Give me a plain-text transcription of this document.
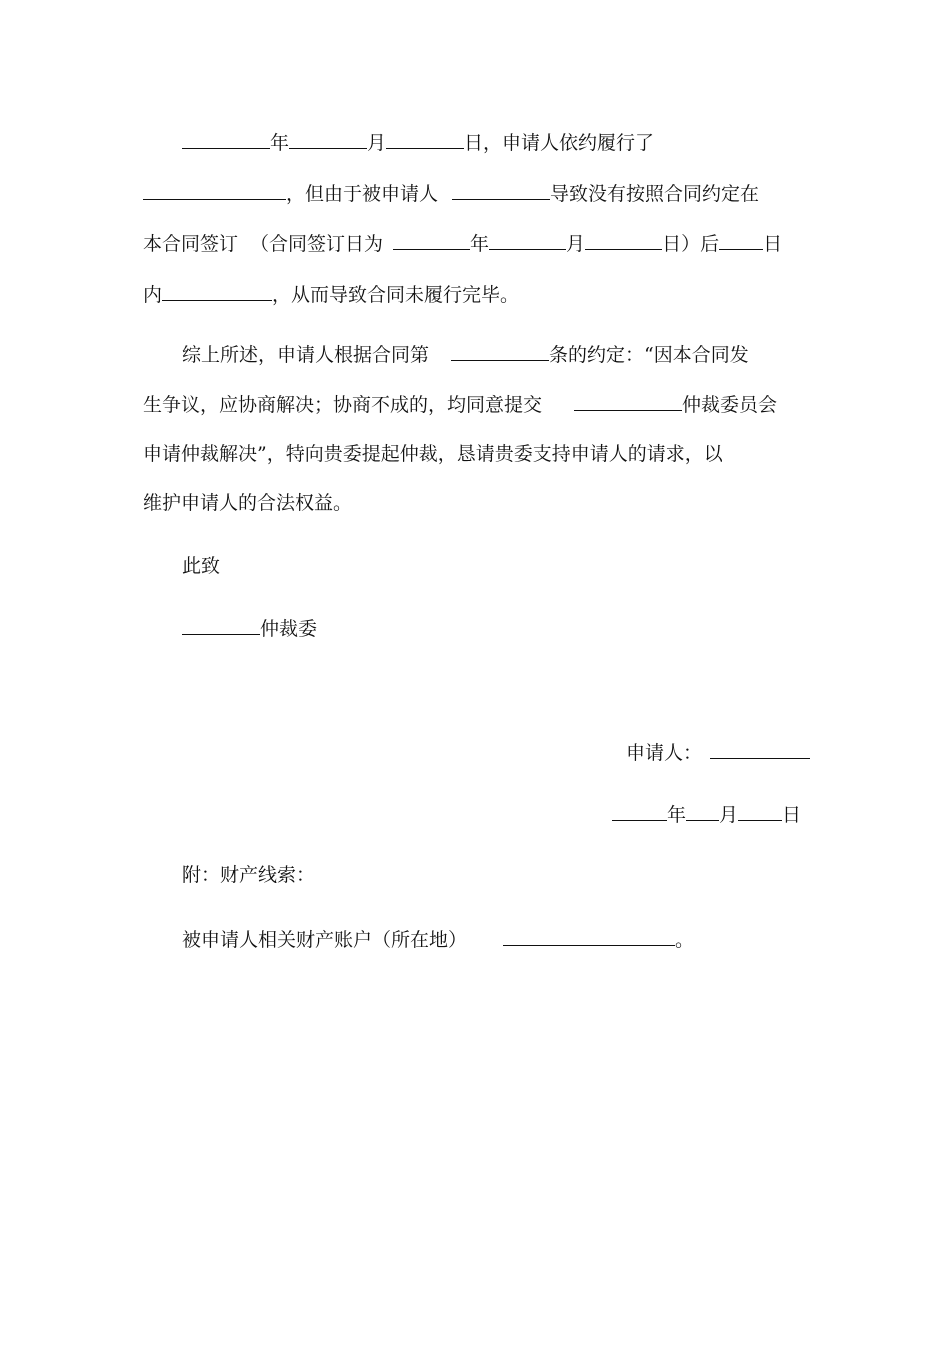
年	月	日，申请人依约履行了
，但由于被申请人	导致没有按照合同约定在
本合同签订 （合同签订日为	年	月	日）后 日
内	，从而导致合同未履行完毕。
综上所述，申请人根据合同第	条的约定：“因本合同发
生争议，应协商解决；协商不成的，均同意提交	仲裁委员会
申请仲裁解决”，特向贵委提起仲裁，恳请贵委支持申请人的请求，以
维护申请人的合法权益。
此致
仲裁委
申请人：
年 月 日
附：财产线索：
被申请人相关财产账户（所在地）	。
